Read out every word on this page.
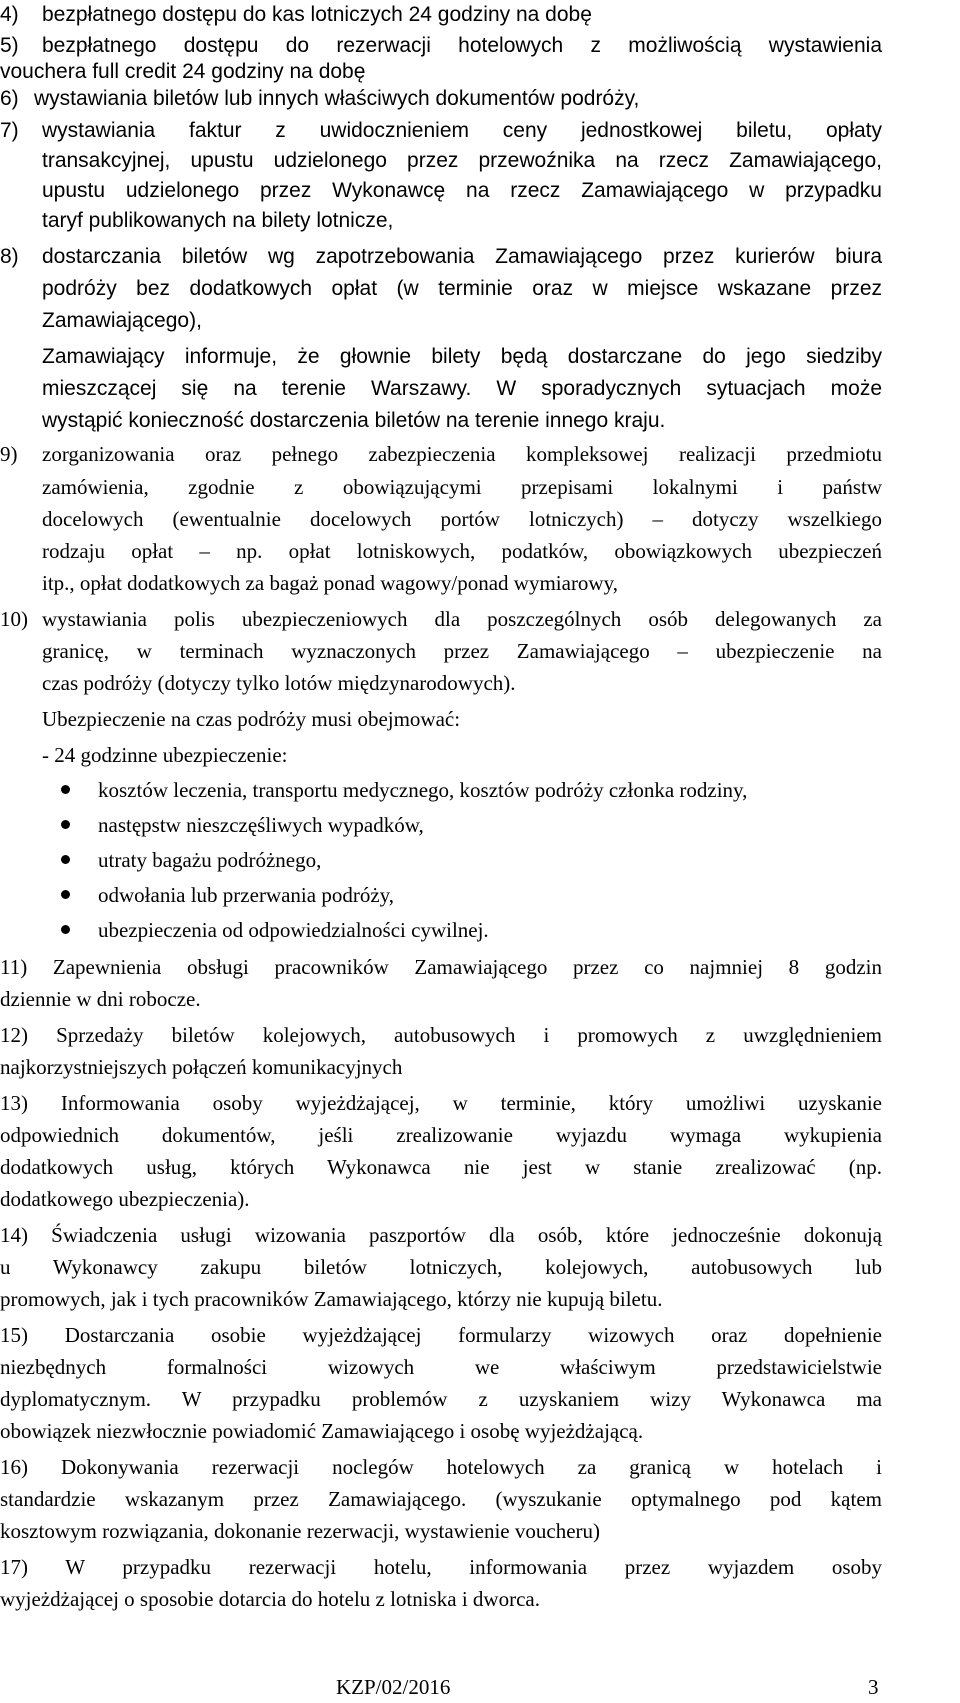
4) bezpłatnego dostępu do kas lotniczych 24 godziny na dobę
5) bezpłatnego dostępu do rezerwacji hotelowych z możliwością wystawienia
vouchera full credit 24 godziny na dobę
6) wystawiania biletów lub innych właściwych dokumentów podróży,
7) wystawiania faktur z uwidocznieniem ceny jednostkowej biletu, opłaty
transakcyjnej, upustu udzielonego przez przewoźnika na rzecz Zamawiającego,
upustu udzielonego przez Wykonawcę na rzecz Zamawiającego w przypadku
taryf publikowanych na bilety lotnicze,
8) dostarczania biletów wg zapotrzebowania Zamawiającego przez kurierów biura
podróży bez dodatkowych opłat (w terminie oraz w miejsce wskazane przez
Zamawiającego),
Zamawiający informuje, że głownie bilety będą dostarczane do jego siedziby
mieszczącej się na terenie Warszawy. W sporadycznych sytuacjach może
wystąpić konieczność dostarczenia biletów na terenie innego kraju.
9) zorganizowania oraz pełnego zabezpieczenia kompleksowej realizacji przedmiotu
zamówienia, zgodnie z obowiązującymi przepisami lokalnymi i państw
docelowych (ewentualnie docelowych portów lotniczych) – dotyczy wszelkiego
rodzaju opłat – np. opłat lotniskowych, podatków, obowiązkowych ubezpieczeń
itp., opłat dodatkowych za bagaż ponad wagowy/ponad wymiarowy,
10) wystawiania polis ubezpieczeniowych dla poszczególnych osób delegowanych za
granicę, w terminach wyznaczonych przez Zamawiającego – ubezpieczenie na
czas podróży (dotyczy tylko lotów międzynarodowych).
Ubezpieczenie na czas podróży musi obejmować:
- 24 godzinne ubezpieczenie:
kosztów leczenia, transportu medycznego, kosztów podróży członka rodziny,
następstw nieszczęśliwych wypadków,
utraty bagażu podróżnego,
odwołania lub przerwania podróży,
ubezpieczenia od odpowiedzialności cywilnej.
11) Zapewnienia obsługi pracowników Zamawiającego przez co najmniej 8 godzin
dziennie w dni robocze.
12) Sprzedaży biletów kolejowych, autobusowych i promowych z uwzględnieniem
najkorzystniejszych połączeń komunikacyjnych
13) Informowania osoby wyjeżdżającej, w terminie, który umożliwi uzyskanie
odpowiednich dokumentów, jeśli zrealizowanie wyjazdu wymaga wykupienia
dodatkowych usług, których Wykonawca nie jest w stanie zrealizować (np.
dodatkowego ubezpieczenia).
14) Świadczenia usługi wizowania paszportów dla osób, które jednocześnie dokonują
u Wykonawcy zakupu biletów lotniczych, kolejowych, autobusowych lub
promowych, jak i tych pracowników Zamawiającego, którzy nie kupują biletu.
15) Dostarczania osobie wyjeżdżającej formularzy wizowych oraz dopełnienie
niezbędnych formalności wizowych we właściwym przedstawicielstwie
dyplomatycznym. W przypadku problemów z uzyskaniem wizy Wykonawca ma
obowiązek niezwłocznie powiadomić Zamawiającego i osobę wyjeżdżającą.
16) Dokonywania rezerwacji noclegów hotelowych za granicą w hotelach i
standardzie wskazanym przez Zamawiającego. (wyszukanie optymalnego pod kątem
kosztowym rozwiązania, dokonanie rezerwacji, wystawienie voucheru)
17) W przypadku rezerwacji hotelu, informowania przez wyjazdem osoby
wyjeżdżającej o sposobie dotarcia do hotelu z lotniska i dworca.
KZP/02/2016	3
